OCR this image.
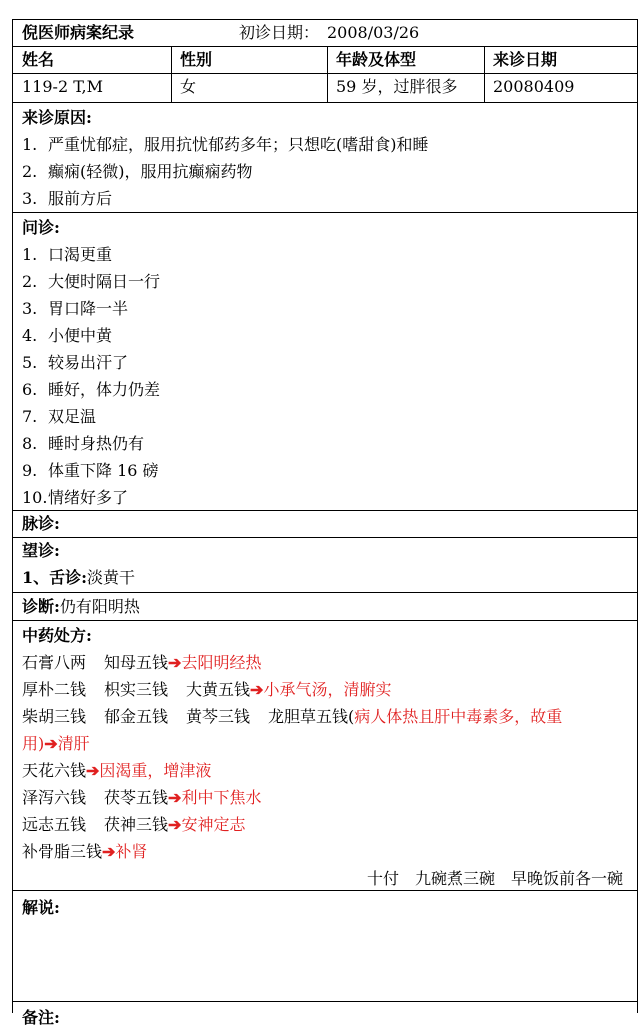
倪医师病案纪录	初诊日期： 2008/03/26
姓名	性别	年龄及体型	来诊日期
119-2 T,M	女	59 岁，过胖很多	20080409
来诊原因:
1. 严重忧郁症，服用抗忧郁药多年；只想吃(嗜甜食)和睡
2. 癫痫(轻微)，服用抗癫痫药物
3. 服前方后
问诊:
1. 口渴更重
2. 大便时隔日一行
3. 胃口降一半
4. 小便中黄
5. 较易出汗了
6. 睡好，体力仍差
7. 双足温
8. 睡时身热仍有
9. 体重下降 16 磅
10.情绪好多了
脉诊:
望诊:
1、舌诊:淡黄干
诊断:仍有阳明热
中药处方:
石膏八两 知母五钱➔去阳明经热
厚朴二钱 枳实三钱 大黄五钱➔小承气汤，清腑实
柴胡三钱 郁金五钱 黄芩三钱 龙胆草五钱(病人体热且肝中毒素多，故重
用)➔清肝
天花六钱➔因渴重，增津液
泽泻六钱 茯苓五钱➔利中下焦水
远志五钱 茯神三钱➔安神定志
补骨脂三钱➔补肾
十付　九碗煮三碗　早晚饭前各一碗
解说:
备注:
